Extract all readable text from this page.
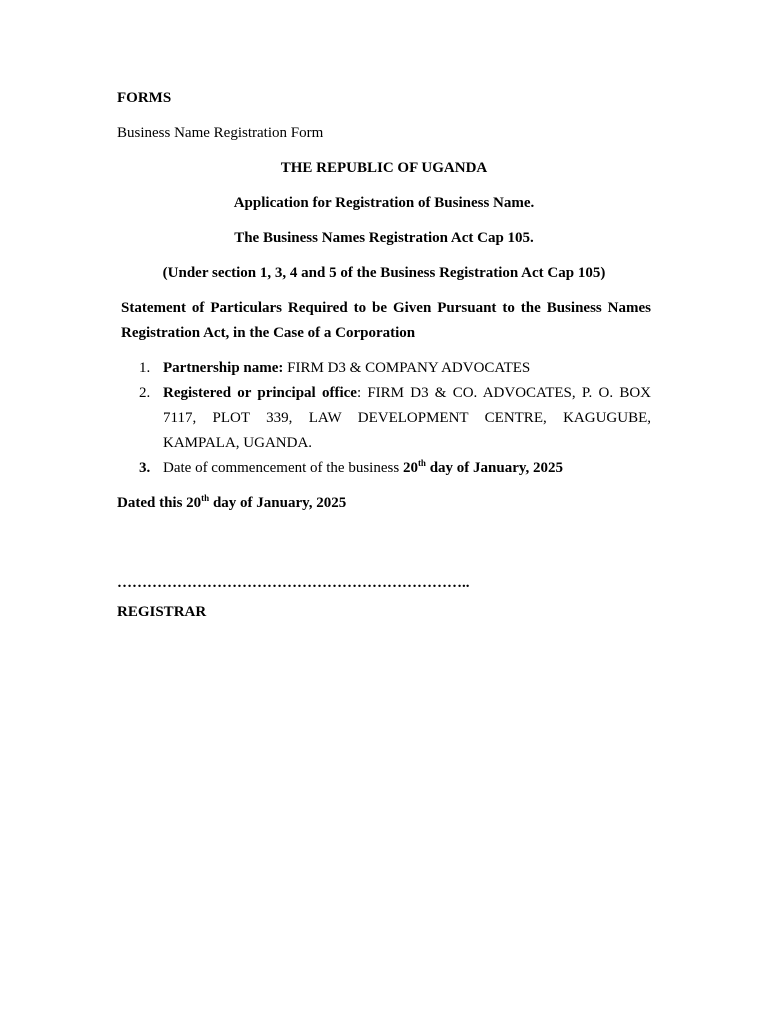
FORMS

Business Name Registration Form

THE REPUBLIC OF UGANDA

Application for Registration of Business Name.

The Business Names Registration Act Cap 105.

(Under section 1, 3, 4 and 5 of the Business Registration Act Cap 105)

Statement of Particulars Required to be Given Pursuant to the Business Names Registration Act, in the Case of a Corporation

1. Partnership name: FIRM D3 & COMPANY ADVOCATES
2. Registered or principal office: FIRM D3 & CO. ADVOCATES, P. O. BOX 7117, PLOT 339, LAW DEVELOPMENT CENTRE, KAGUGUBE, KAMPALA, UGANDA.
3. Date of commencement of the business 20th day of January, 2025

Dated this 20th day of January, 2025

……………………………………………………………..

REGISTRAR
